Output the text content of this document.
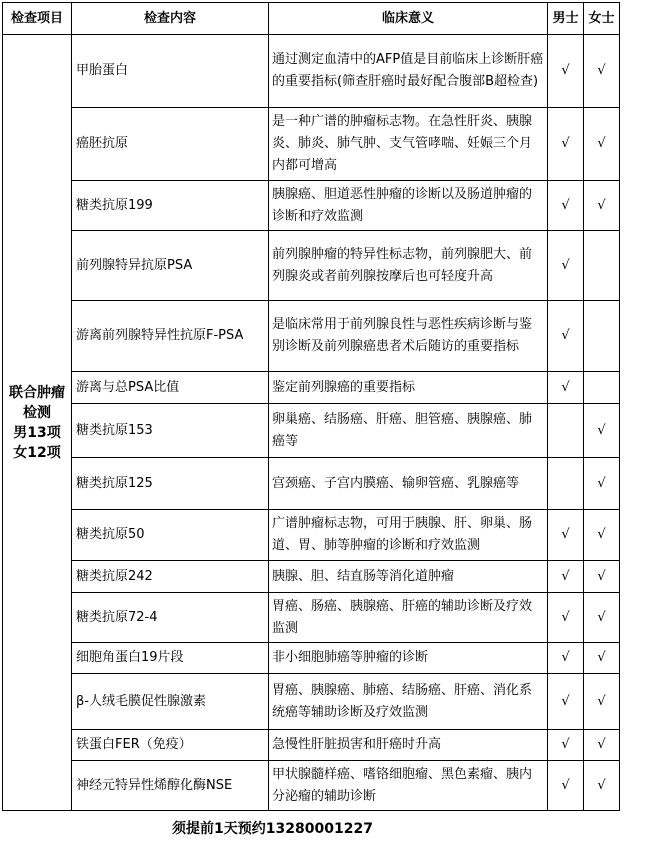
检查项目	检查内容	临床意义	男士	女士

联合肿瘤
检测
男13项
女12项	甲胎蛋白	通过测定血清中的AFP值是目前临床上诊断肝癌的重要指标(筛查肝癌时最好配合腹部B超检查)	√	√
	癌胚抗原	是一种广谱的肿瘤标志物。在急性肝炎、胰腺炎、肺炎、肺气肿、支气管哮喘、妊娠三个月内都可增高	√	√
	糖类抗原199	胰腺癌、胆道恶性肿瘤的诊断以及肠道肿瘤的诊断和疗效监测	√	√
	前列腺特异抗原PSA	前列腺肿瘤的特异性标志物，前列腺肥大、前列腺炎或者前列腺按摩后也可轻度升高	√	
	游离前列腺特异性抗原F-PSA	是临床常用于前列腺良性与恶性疾病诊断与鉴别诊断及前列腺癌患者术后随访的重要指标	√	
	游离与总PSA比值	鉴定前列腺癌的重要指标	√	
	糖类抗原153	卵巢癌、结肠癌、肝癌、胆管癌、胰腺癌、肺癌等		√
	糖类抗原125	宫颈癌、子宫内膜癌、输卵管癌、乳腺癌等		√
	糖类抗原50	广谱肿瘤标志物，可用于胰腺、肝、卵巢、肠道、胃、肺等肿瘤的诊断和疗效监测	√	√
	糖类抗原242	胰腺、胆、结直肠等消化道肿瘤	√	√
	糖类抗原72-4	胃癌、肠癌、胰腺癌、肝癌的辅助诊断及疗效监测	√	√
	细胞角蛋白19片段	非小细胞肺癌等肿瘤的诊断	√	√
	β-人绒毛膜促性腺激素	胃癌、胰腺癌、肺癌、结肠癌、肝癌、消化系统癌等辅助诊断及疗效监测	√	√
	铁蛋白FER（免疫）	急慢性肝脏损害和肝癌时升高	√	√
	神经元特异性烯醇化酶NSE	甲状腺髓样癌、嗜铬细胞瘤、黑色素瘤、胰内分泌瘤的辅助诊断	√	√
须提前1天预约13280001227
